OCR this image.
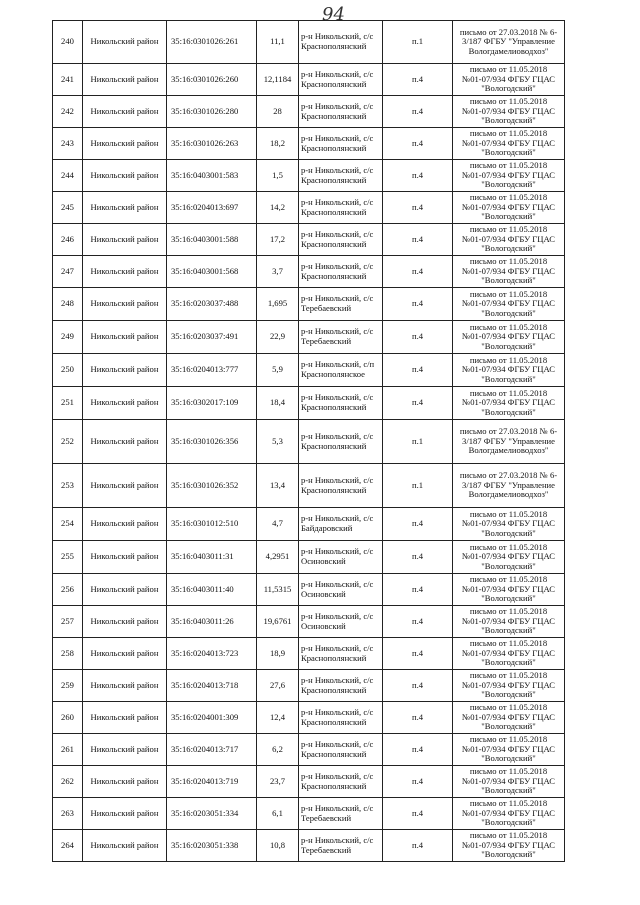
94
240	Никольский район	35:16:0301026:261	11,1	р-н Никольский, с/с
Краснополянский	п.1	письмо от 27.03.2018 № 6-
3/187 ФГБУ "Управление
Вологдамелиоводхоз"

241	Никольский район	35:16:0301026:260	12,1184	р-н Никольский, с/с
Краснополянский	п.4	письмо от 11.05.2018
№01-07/934 ФГБУ ГЦАС
"Вологодский"

242	Никольский район	35:16:0301026:280	28	р-н Никольский, с/с
Краснополянский	п.4	письмо от 11.05.2018
№01-07/934 ФГБУ ГЦАС
"Вологодский"

243	Никольский район	35:16:0301026:263	18,2	р-н Никольский, с/с
Краснополянский	п.4	письмо от 11.05.2018
№01-07/934 ФГБУ ГЦАС
"Вологодский"

244	Никольский район	35:16:0403001:583	1,5	р-н Никольский, с/с
Краснополянский	п.4	письмо от 11.05.2018
№01-07/934 ФГБУ ГЦАС
"Вологодский"

245	Никольский район	35:16:0204013:697	14,2	р-н Никольский, с/с
Краснополянский	п.4	письмо от 11.05.2018
№01-07/934 ФГБУ ГЦАС
"Вологодский"

246	Никольский район	35:16:0403001:588	17,2	р-н Никольский, с/с
Краснополянский	п.4	письмо от 11.05.2018
№01-07/934 ФГБУ ГЦАС
"Вологодский"

247	Никольский район	35:16:0403001:568	3,7	р-н Никольский, с/с
Краснополянский	п.4	письмо от 11.05.2018
№01-07/934 ФГБУ ГЦАС
"Вологодский"

248	Никольский район	35:16:0203037:488	1,695	р-н Никольский, с/с
Теребаевский	п.4	письмо от 11.05.2018
№01-07/934 ФГБУ ГЦАС
"Вологодский"

249	Никольский район	35:16:0203037:491	22,9	р-н Никольский, с/с
Теребаевский	п.4	письмо от 11.05.2018
№01-07/934 ФГБУ ГЦАС
"Вологодский"

250	Никольский район	35:16:0204013:777	5,9	р-н Никольский, с/п
Краснополянское	п.4	письмо от 11.05.2018
№01-07/934 ФГБУ ГЦАС
"Вологодский"

251	Никольский район	35:16:0302017:109	18,4	р-н Никольский, с/с
Краснополянский	п.4	письмо от 11.05.2018
№01-07/934 ФГБУ ГЦАС
"Вологодский"

252	Никольский район	35:16:0301026:356	5,3	р-н Никольский, с/с
Краснополянский	п.1	письмо от 27.03.2018 № 6-
3/187 ФГБУ "Управление
Вологдамелиоводхоз"

253	Никольский район	35:16:0301026:352	13,4	р-н Никольский, с/с
Краснополянский	п.1	письмо от 27.03.2018 № 6-
3/187 ФГБУ "Управление
Вологдамелиоводхоз"

254	Никольский район	35:16:0301012:510	4,7	р-н Никольский, с/с
Байдаровский	п.4	письмо от 11.05.2018
№01-07/934 ФГБУ ГЦАС
"Вологодский"

255	Никольский район	35:16:0403011:31	4,2951	р-н Никольский, с/с
Осиновский	п.4	письмо от 11.05.2018
№01-07/934 ФГБУ ГЦАС
"Вологодский"

256	Никольский район	35:16:0403011:40	11,5315	р-н Никольский, с/с
Осиновский	п.4	письмо от 11.05.2018
№01-07/934 ФГБУ ГЦАС
"Вологодский"

257	Никольский район	35:16:0403011:26	19,6761	р-н Никольский, с/с
Осиновский	п.4	письмо от 11.05.2018
№01-07/934 ФГБУ ГЦАС
"Вологодский"

258	Никольский район	35:16:0204013:723	18,9	р-н Никольский, с/с
Краснополянский	п.4	письмо от 11.05.2018
№01-07/934 ФГБУ ГЦАС
"Вологодский"

259	Никольский район	35:16:0204013:718	27,6	р-н Никольский, с/с
Краснополянский	п.4	письмо от 11.05.2018
№01-07/934 ФГБУ ГЦАС
"Вологодский"

260	Никольский район	35:16:0204001:309	12,4	р-н Никольский, с/с
Краснополянский	п.4	письмо от 11.05.2018
№01-07/934 ФГБУ ГЦАС
"Вологодский"

261	Никольский район	35:16:0204013:717	6,2	р-н Никольский, с/с
Краснополянский	п.4	письмо от 11.05.2018
№01-07/934 ФГБУ ГЦАС
"Вологодский"

262	Никольский район	35:16:0204013:719	23,7	р-н Никольский, с/с
Краснополянский	п.4	письмо от 11.05.2018
№01-07/934 ФГБУ ГЦАС
"Вологодский"

263	Никольский район	35:16:0203051:334	6,1	р-н Никольский, с/с
Теребаевский	п.4	письмо от 11.05.2018
№01-07/934 ФГБУ ГЦАС
"Вологодский"

264	Никольский район	35:16:0203051:338	10,8	р-н Никольский, с/с
Теребаевский	п.4	письмо от 11.05.2018
№01-07/934 ФГБУ ГЦАС
"Вологодский"
